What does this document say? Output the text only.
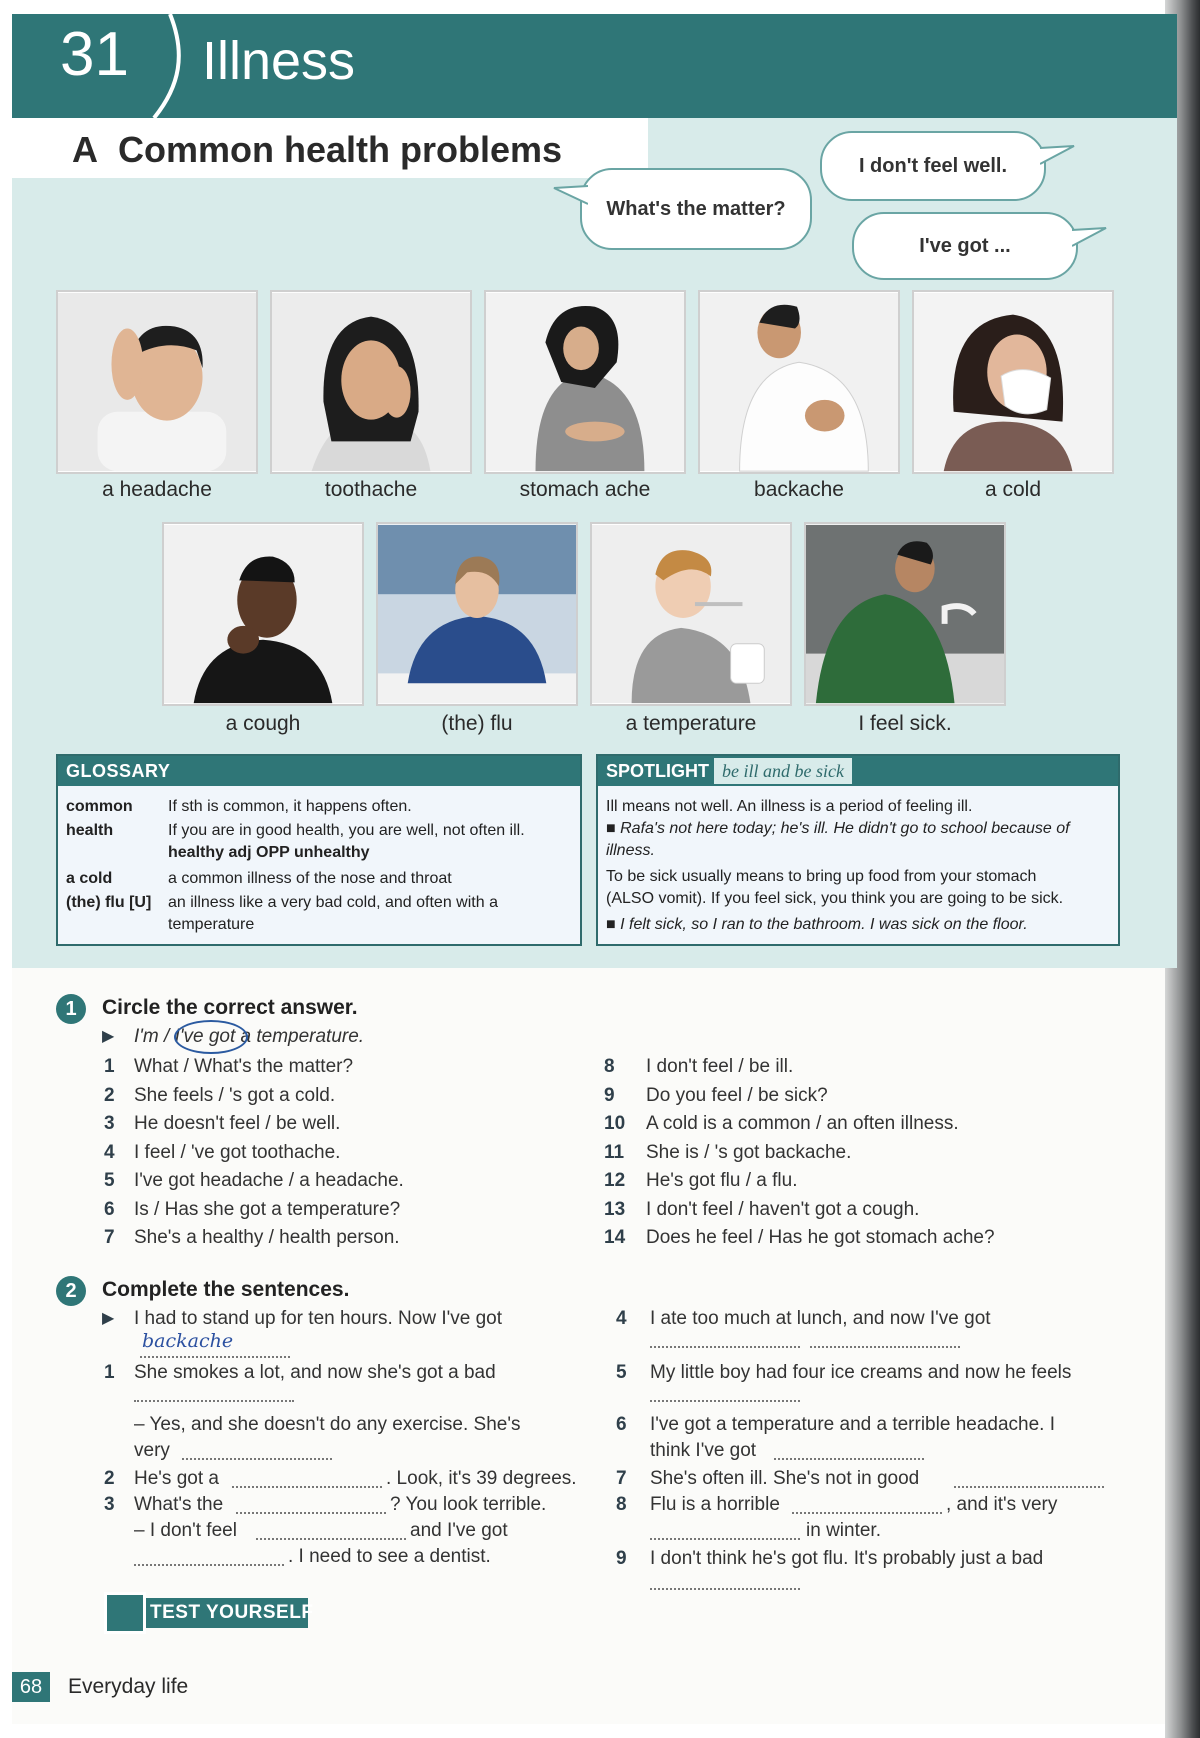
31	Illness
A Common health problems
What's the matter?
I don't feel well.
I've got ...
a headache	toothache	stomach ache	backache	a cold
a cough	(the) flu	a temperature	I feel sick.
GLOSSARY
common If sth is common, it happens often.
health	If you are in good health, you are well, not often ill.
healthy adj OPP unhealthy
a cold	a common illness of the nose and throat
(the) flu [U] an illness like a very bad cold, and often with a
temperature
SPOTLIGHT be ill and be sick
Ill means not well. An illness is a period of feeling ill.
■ Rafa's not here today; he's ill. He didn't go to school because of
illness.
To be sick usually means to bring up food from your stomach
(ALSO vomit). If you feel sick, you think you are going to be sick.
■ I felt sick, so I ran to the bathroom. I was sick on the floor.
1	Circle the correct answer.
▶ I'm / I've got a temperature.
1 What / What's the matter?
2 She feels / 's got a cold.
3 He doesn't feel / be well.
4 I feel / 've got toothache.
5 I've got headache / a headache.
6 Is / Has she got a temperature?
7 She's a healthy / health person.
8 I don't feel / be ill.
9 Do you feel / be sick?
10 A cold is a common / an often illness.
11 She is / 's got backache.
12 He's got flu / a flu.
13 I don't feel / haven't got a cough.
14 Does he feel / Has he got stomach ache?
2	Complete the sentences.
▶ I had to stand up for ten hours. Now I've got
backache
1 She smokes a lot, and now she's got a bad
– Yes, and she doesn't do any exercise. She's
very
2 He's got a	. Look, it's 39 degrees.
3 What's the	? You look terrible.
– I don't feel	and I've got
. I need to see a dentist.
4 I ate too much at lunch, and now I've got
5 My little boy had four ice creams and now he feels
6 I've got a temperature and a terrible headache. I
think I've got
7 She's often ill. She's not in good
8 Flu is a horrible	, and it's very
in winter.
9 I don't think he's got flu. It's probably just a bad
TEST YOURSELF
68	Everyday life
